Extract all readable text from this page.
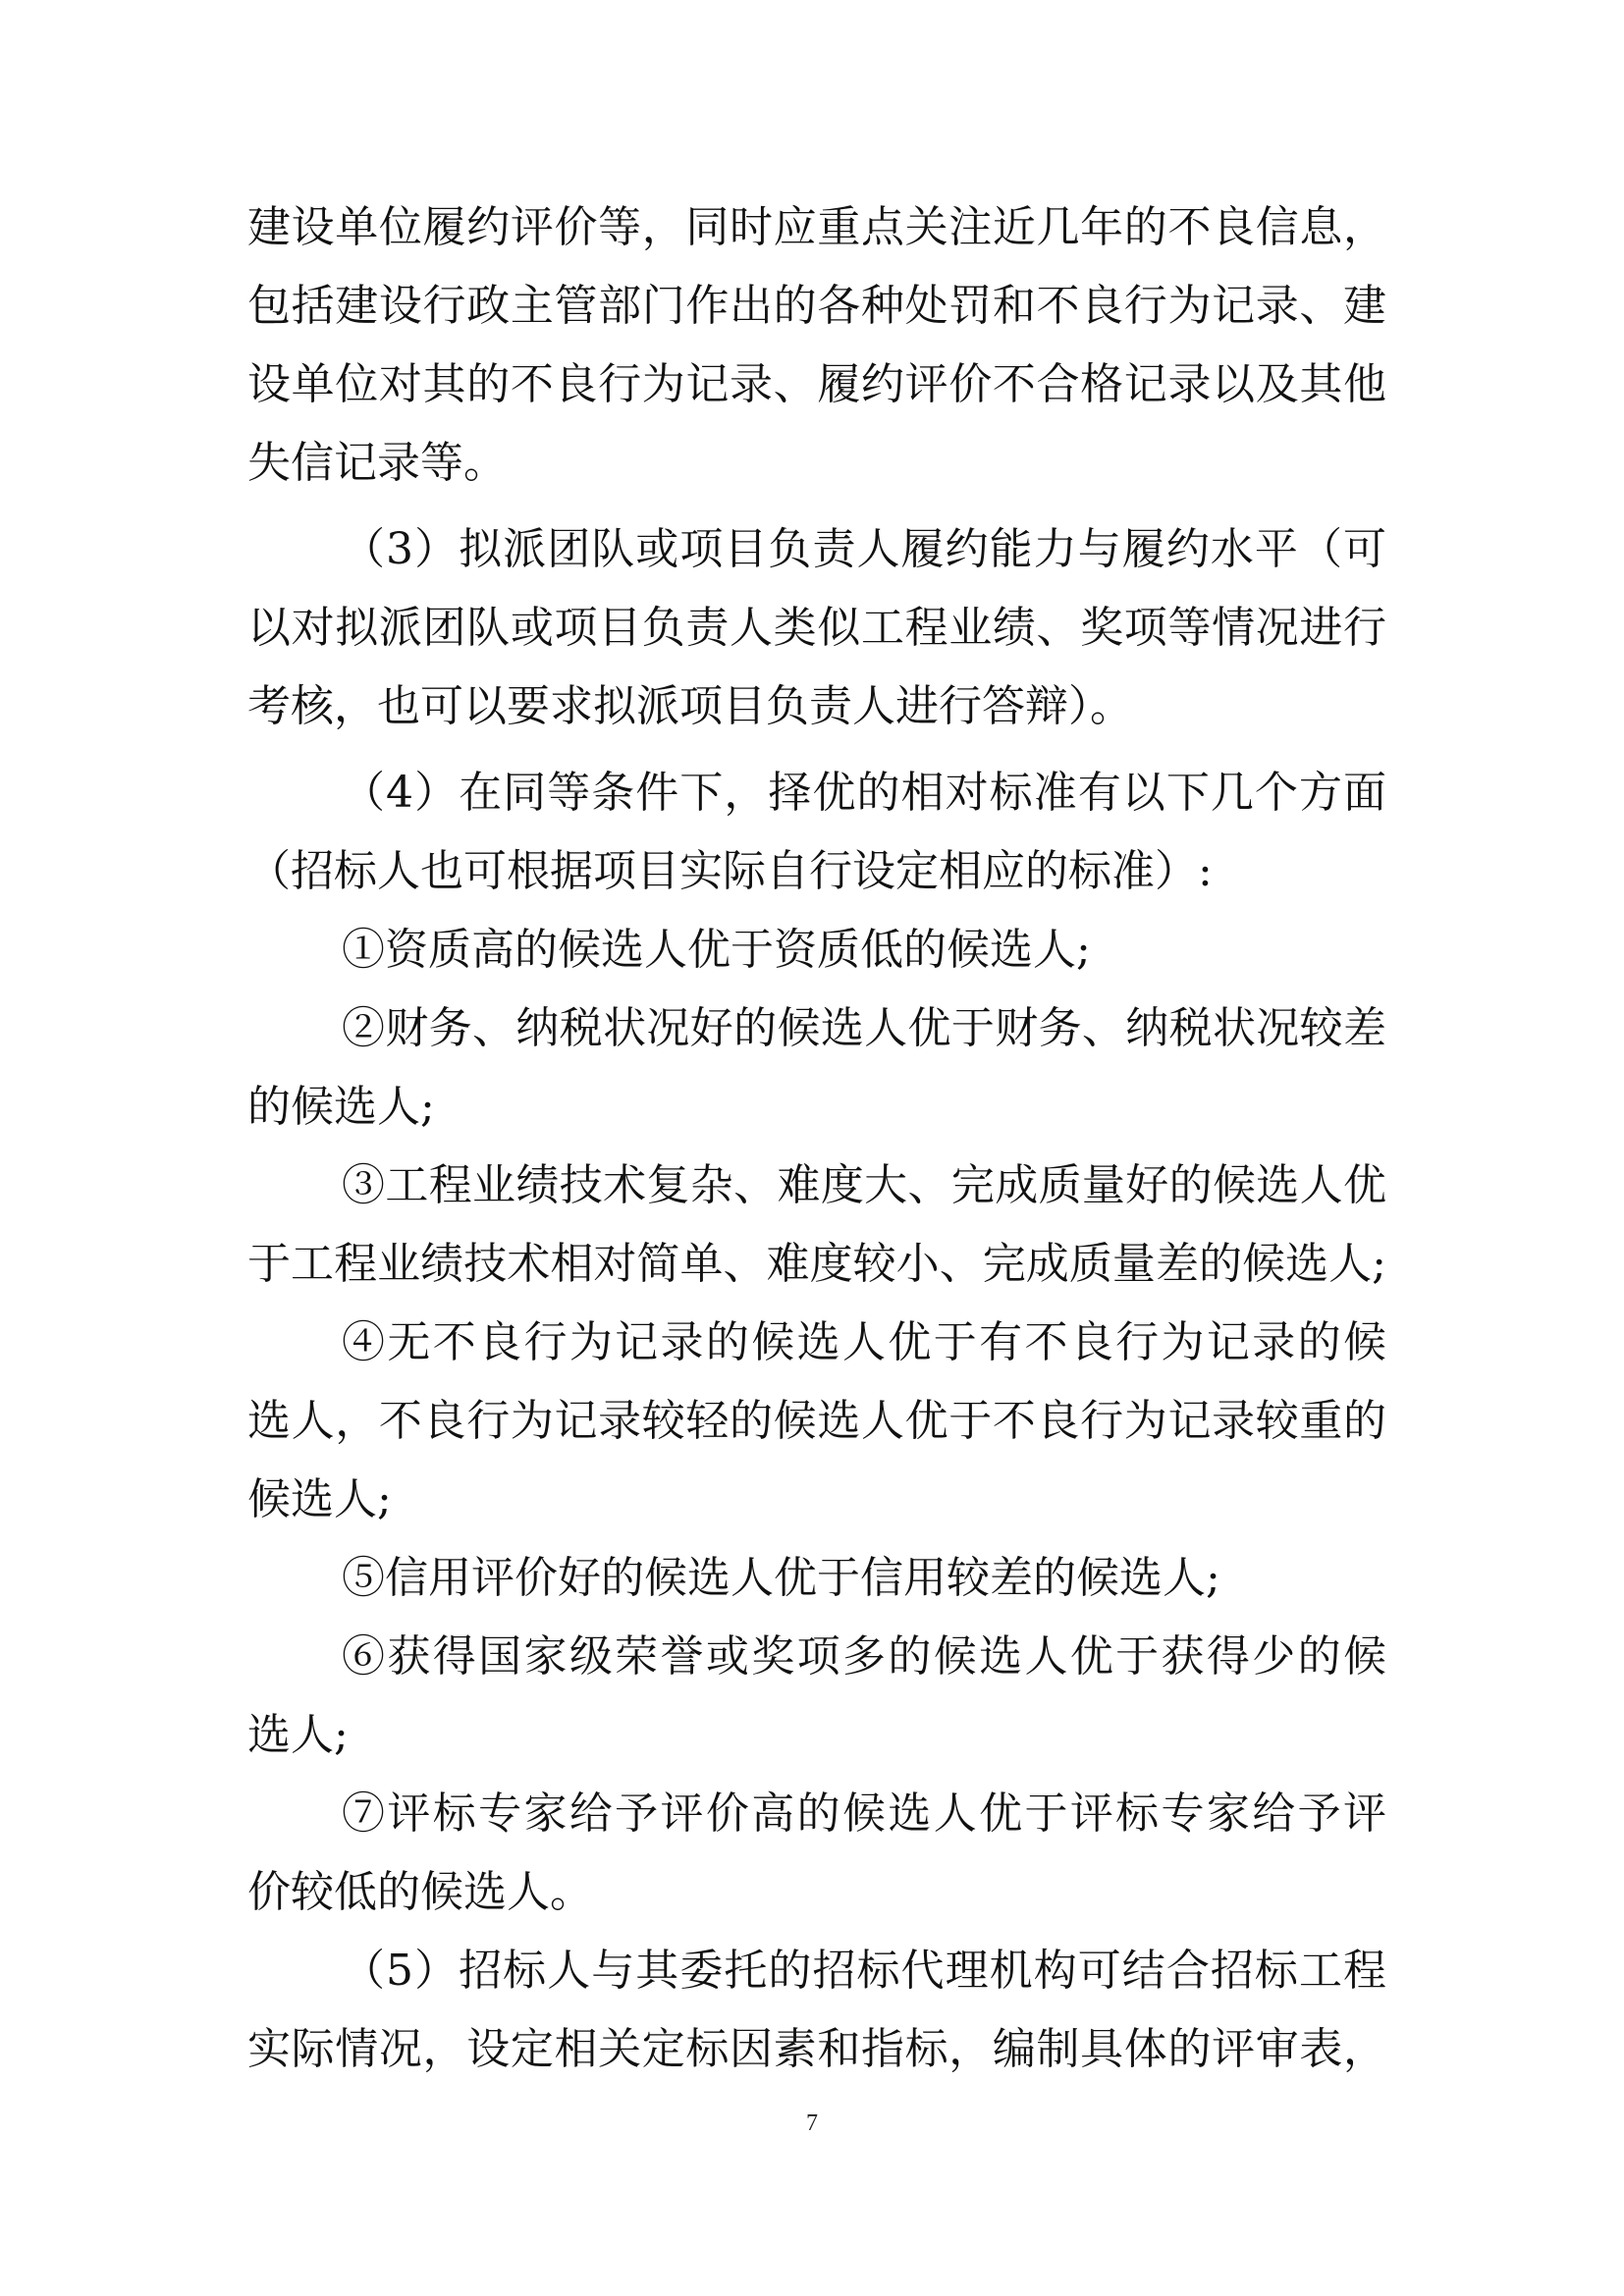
建设单位履约评价等，同时应重点关注近几年的不良信息，
包括建设行政主管部门作出的各种处罚和不良行为记录、建
设单位对其的不良行为记录、履约评价不合格记录以及其他
失信记录等。
（3）拟派团队或项目负责人履约能力与履约水平（可
以对拟派团队或项目负责人类似工程业绩、奖项等情况进行
考核，也可以要求拟派项目负责人进行答辩）。
（4）在同等条件下，择优的相对标准有以下几个方面
（招标人也可根据项目实际自行设定相应的标准）:
①资质高的候选人优于资质低的候选人;
②财务、纳税状况好的候选人优于财务、纳税状况较差
的候选人;
③工程业绩技术复杂、难度大、完成质量好的候选人优
于工程业绩技术相对简单、难度较小、完成质量差的候选人;
④无不良行为记录的候选人优于有不良行为记录的候
选人，不良行为记录较轻的候选人优于不良行为记录较重的
候选人;
⑤信用评价好的候选人优于信用较差的候选人;
⑥获得国家级荣誉或奖项多的候选人优于获得少的候
选人;
⑦评标专家给予评价高的候选人优于评标专家给予评
价较低的候选人。
（5）招标人与其委托的招标代理机构可结合招标工程
实际情况，设定相关定标因素和指标，编制具体的评审表，
7
